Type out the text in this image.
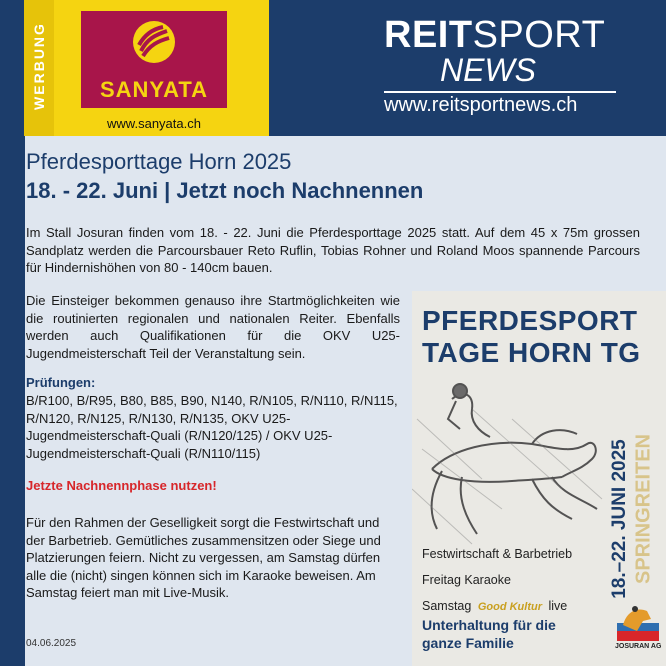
WERBUNG	SANYATA
www.sanyata.ch
REITSPORT
NEWS
www.reitsportnews.ch
Pferdesporttage Horn 2025
18. - 22. Juni | Jetzt noch Nachnennen
Im Stall Josuran finden vom 18. - 22. Juni die Pferdesporttage 2025 statt. Auf dem 45 x 75m grossen Sandplatz werden die Parcoursbauer Reto Ruflin, Tobias Rohner und Roland Moos spannende Parcours für Hindernishöhen von 80 - 140cm bauen.
Die Einsteiger bekommen genauso ihre Startmöglichkeiten wie die routinierten regionalen und nationalen Reiter. Ebenfalls werden auch Qualifikationen für die OKV U25-Jugendmeisterschaft Teil der Veranstaltung sein.
Prüfungen:
B/R100, B/R95, B80, B85, B90, N140, R/N105, R/N110, R/N115, R/N120, R/N125, R/N130, R/N135, OKV U25-Jugendmeisterschaft-Quali (R/N120/125) / OKV U25-Jugendmeisterschaft-Quali (R/N110/115)
Jetzte Nachnennphase nutzen!
Für den Rahmen der Geselligkeit sorgt die Festwirtschaft und der Barbetrieb. Gemütliches zusammensitzen oder Siege und Platzierungen feiern. Nicht zu vergessen, am Samstag dürfen alle die (nicht) singen können sich im Karaoke beweisen. Am Samstag feiert man mit Live-Musik.
04.06.2025
PFERDESPORT
TAGE HORN TG
18.–22. JUNI 2025 SPRINGREITEN
Festwirtschaft & Barbetrieb
Freitag Karaoke
Samstag Good Kultur live
Unterhaltung für die
ganze Familie	JOSURAN AG
